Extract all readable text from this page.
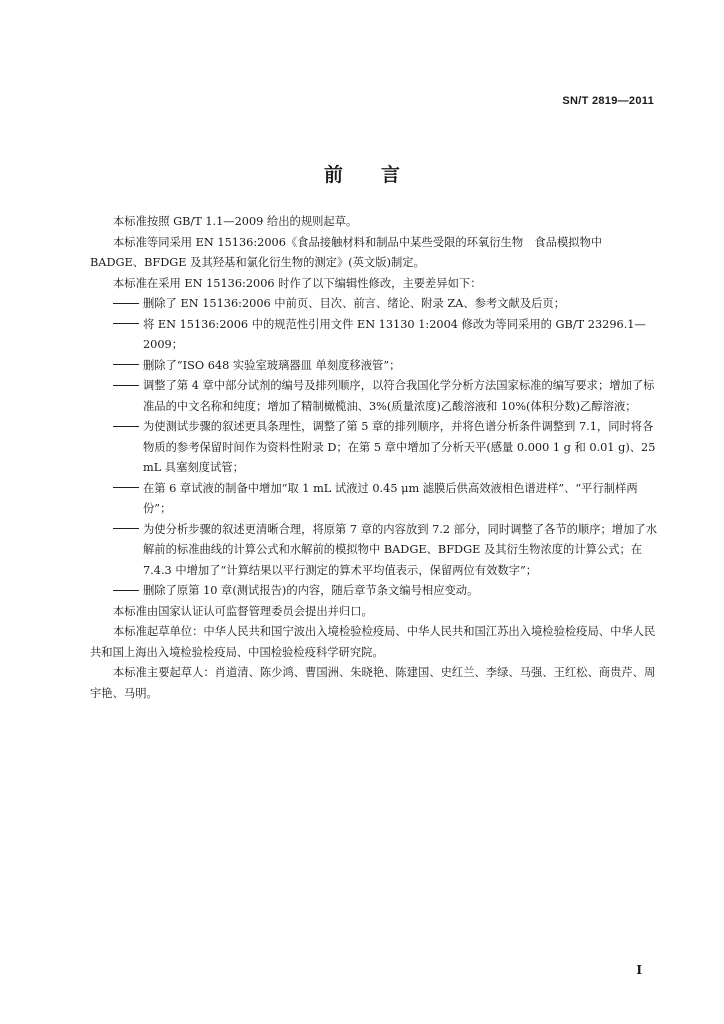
SN/T 2819—2011
前言

本标准按照 GB/T 1.1—2009 给出的规则起草。

本标准等同采用 EN 15136:2006《食品接触材料和制品中某些受限的环氧衍生物　食品模拟物中 BADGE、BFDGE 及其羟基和氯化衍生物的测定》(英文版)制定。

本标准在采用 EN 15136:2006 时作了以下编辑性修改，主要差异如下：

删除了 EN 15136:2006 中前页、目次、前言、绪论、附录 ZA、参考文献及后页；

将 EN 15136:2006 中的规范性引用文件 EN 13130 1:2004 修改为等同采用的 GB/T 23296.1—2009；

删除了“ISO 648 实验室玻璃器皿 单刻度移液管”；

调整了第 4 章中部分试剂的编号及排列顺序，以符合我国化学分析方法国家标准的编写要求；增加了标准品的中文名称和纯度；增加了精制橄榄油、3%(质量浓度)乙酸溶液和 10%(体积分数)乙醇溶液；

为使测试步骤的叙述更具条理性，调整了第 5 章的排列顺序，并将色谱分析条件调整到 7.1，同时将各物质的参考保留时间作为资料性附录 D；在第 5 章中增加了分析天平(感量 0.000 1 g 和 0.01 g)、25 mL 具塞刻度试管；

在第 6 章试液的制备中增加“取 1 mL 试液过 0.45 μm 滤膜后供高效液相色谱进样”、“平行制样两份”；

为使分析步骤的叙述更清晰合理，将原第 7 章的内容放到 7.2 部分，同时调整了各节的顺序；增加了水解前的标准曲线的计算公式和水解前的模拟物中 BADGE、BFDGE 及其衍生物浓度的计算公式；在 7.4.3 中增加了“计算结果以平行测定的算术平均值表示，保留两位有效数字”；

删除了原第 10 章(测试报告)的内容，随后章节条文编号相应变动。

本标准由国家认证认可监督管理委员会提出并归口。

本标准起草单位：中华人民共和国宁波出入境检验检疫局、中华人民共和国江苏出入境检验检疫局、中华人民共和国上海出入境检验检疫局、中国检验检疫科学研究院。

本标准主要起草人：肖道清、陈少鸿、曹国洲、朱晓艳、陈建国、史红兰、李绿、马强、王红松、商贵芹、周宇艳、马明。

I
